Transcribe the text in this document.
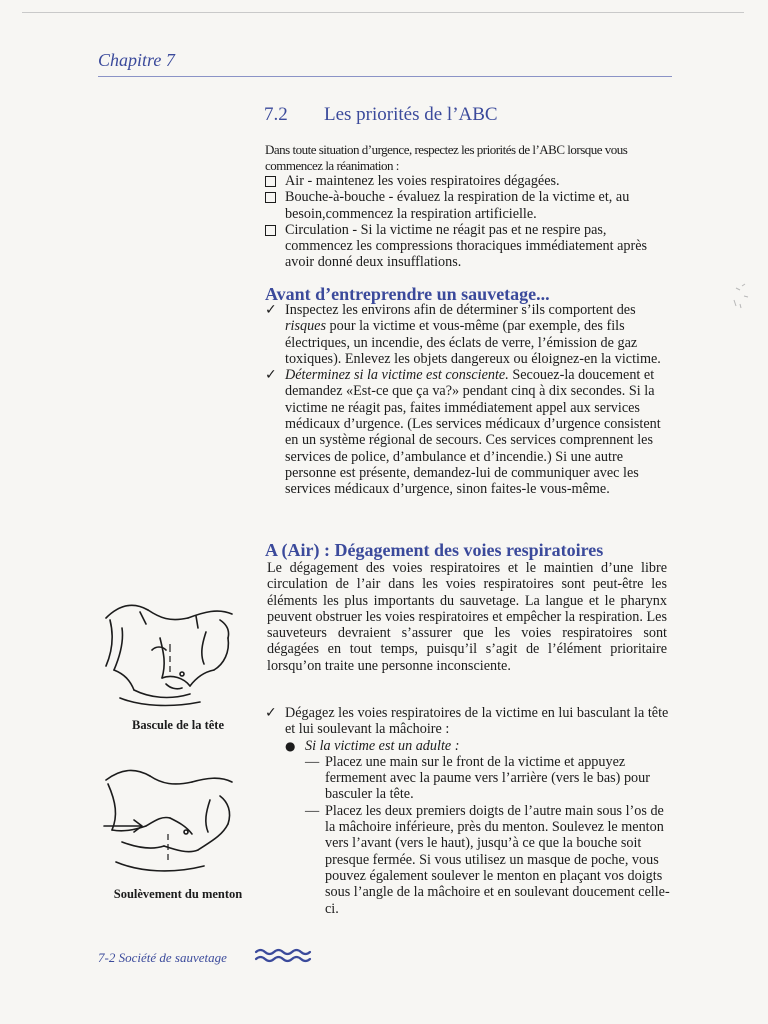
Chapitre 7
7.2 Les priorités de l’ABC
Dans toute situation d’urgence, respectez les priorités de l’ABC lorsque vous commencez la réanimation :
Air - maintenez les voies respiratoires dégagées.
Bouche-à-bouche - évaluez la respiration de la victime et, au besoin,commencez la respiration artificielle.
Circulation - Si la victime ne réagit pas et ne respire pas, commencez les compressions thoraciques immédiatement après avoir donné deux insufflations.
Avant d’entreprendre un sauvetage...
✓ Inspectez les environs afin de déterminer s’ils comportent des risques pour la victime et vous-même (par exemple, des fils électriques, un incendie, des éclats de verre, l’émission de gaz toxiques). Enlevez les objets dangereux ou éloignez-en la victime.
✓ Déterminez si la victime est consciente. Secouez-la doucement et demandez «Est-ce que ça va?» pendant cinq à dix secondes. Si la victime ne réagit pas, faites immédiatement appel aux services médicaux d’urgence. (Les services médicaux d’urgence consistent en un système régional de secours. Ces services comprennent les services de police, d’ambulance et d’incendie.) Si une autre personne est présente, demandez-lui de communiquer avec les services médicaux d’urgence, sinon faites-le vous-même.
A (Air) : Dégagement des voies respiratoires
Le dégagement des voies respiratoires et le maintien d’une libre circulation de l’air dans les voies respiratoires sont peut-être les éléments les plus importants du sauvetage. La langue et le pharynx peuvent obstruer les voies respiratoires et empêcher la respiration. Les sauveteurs devraient s’assurer que les voies respiratoires sont dégagées en tout temps, puisqu’il s’agit de l’élément prioritaire lorsqu’on traite une personne inconsciente.
✓ Dégagez les voies respiratoires de la victime en lui basculant la tête et lui soulevant la mâchoire :
● Si la victime est un adulte :
— Placez une main sur le front de la victime et appuyez fermement avec la paume vers l’arrière (vers le bas) pour basculer la tête.
— Placez les deux premiers doigts de l’autre main sous l’os de la mâchoire inférieure, près du menton. Soulevez le menton vers l’avant (vers le haut), jusqu’à ce que la bouche soit presque fermée. Si vous utilisez un masque de poche, vous pouvez également soulever le menton en plaçant vos doigts sous l’angle de la mâchoire et en soulevant doucement celle-ci.
Bascule de la tête
Soulèvement du menton
7-2 Société de sauvetage
